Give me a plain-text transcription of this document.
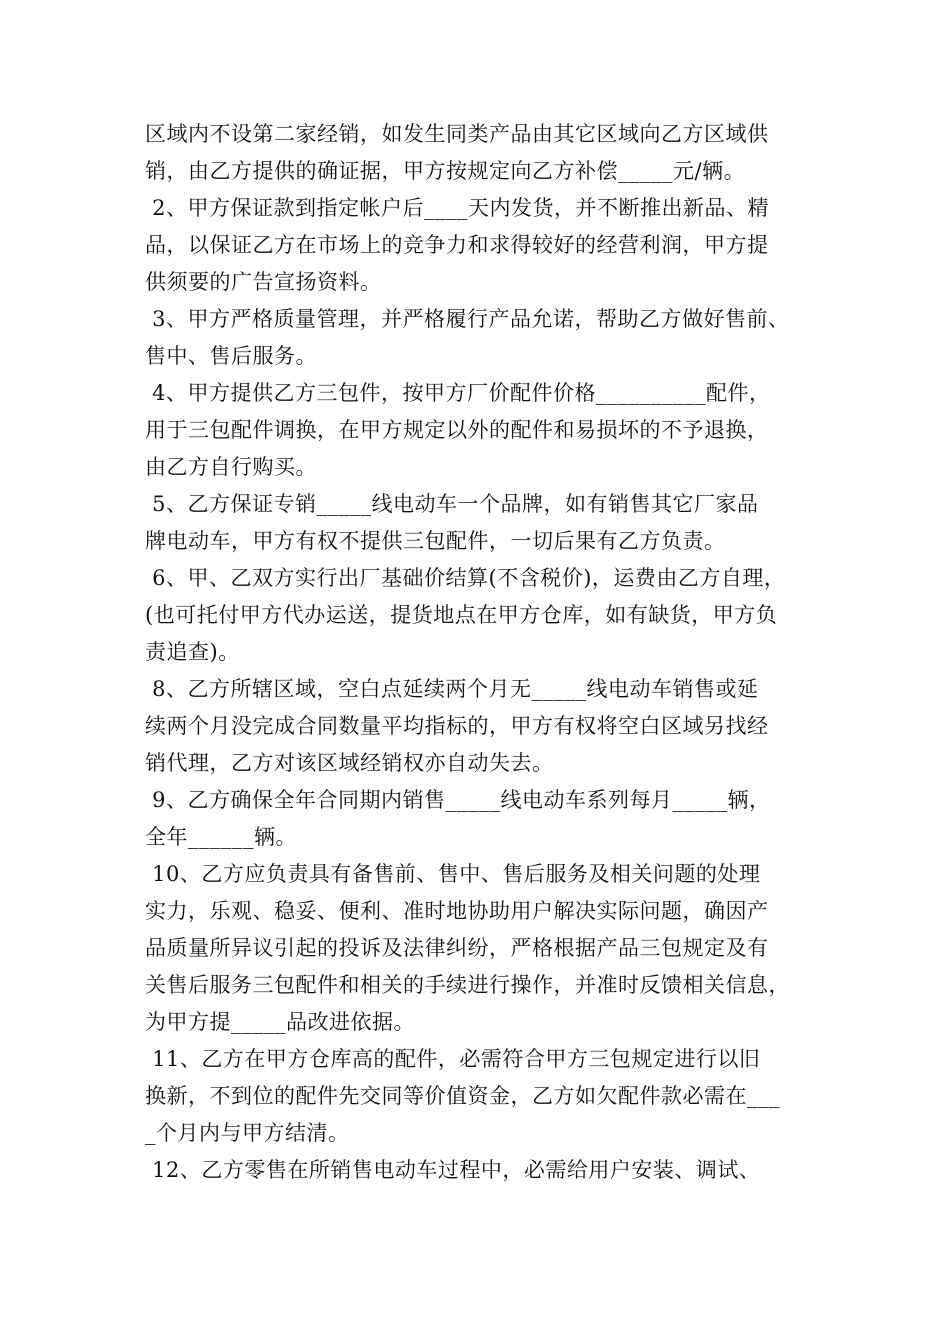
区域内不设第二家经销，如发生同类产品由其它区域向乙方区域供
销，由乙方提供的确证据，甲方按规定向乙方补偿_____元/辆。
2、甲方保证款到指定帐户后____天内发货，并不断推出新品、精
品，以保证乙方在市场上的竞争力和求得较好的经营利润，甲方提
供须要的广告宣扬资料。
3、甲方严格质量管理，并严格履行产品允诺，帮助乙方做好售前、
售中、售后服务。
4、甲方提供乙方三包件，按甲方厂价配件价格__________配件，
用于三包配件调换，在甲方规定以外的配件和易损坏的不予退换，
由乙方自行购买。
5、乙方保证专销_____线电动车一个品牌，如有销售其它厂家品
牌电动车，甲方有权不提供三包配件，一切后果有乙方负责。
6、甲、乙双方实行出厂基础价结算(不含税价)，运费由乙方自理，
(也可托付甲方代办运送，提货地点在甲方仓库，如有缺货，甲方负
责追查)。
8、乙方所辖区域，空白点延续两个月无_____线电动车销售或延
续两个月没完成合同数量平均指标的，甲方有权将空白区域另找经
销代理，乙方对该区域经销权亦自动失去。
9、乙方确保全年合同期内销售_____线电动车系列每月_____辆，
全年______辆。
10、乙方应负责具有备售前、售中、售后服务及相关问题的处理
实力，乐观、稳妥、便利、准时地协助用户解决实际问题，确因产
品质量所异议引起的投诉及法律纠纷，严格根据产品三包规定及有
关售后服务三包配件和相关的手续进行操作，并准时反馈相关信息，
为甲方提_____品改进依据。
11、乙方在甲方仓库高的配件，必需符合甲方三包规定进行以旧
换新，不到位的配件先交同等价值资金，乙方如欠配件款必需在___
_个月内与甲方结清。
12、乙方零售在所销售电动车过程中，必需给用户安装、调试、
